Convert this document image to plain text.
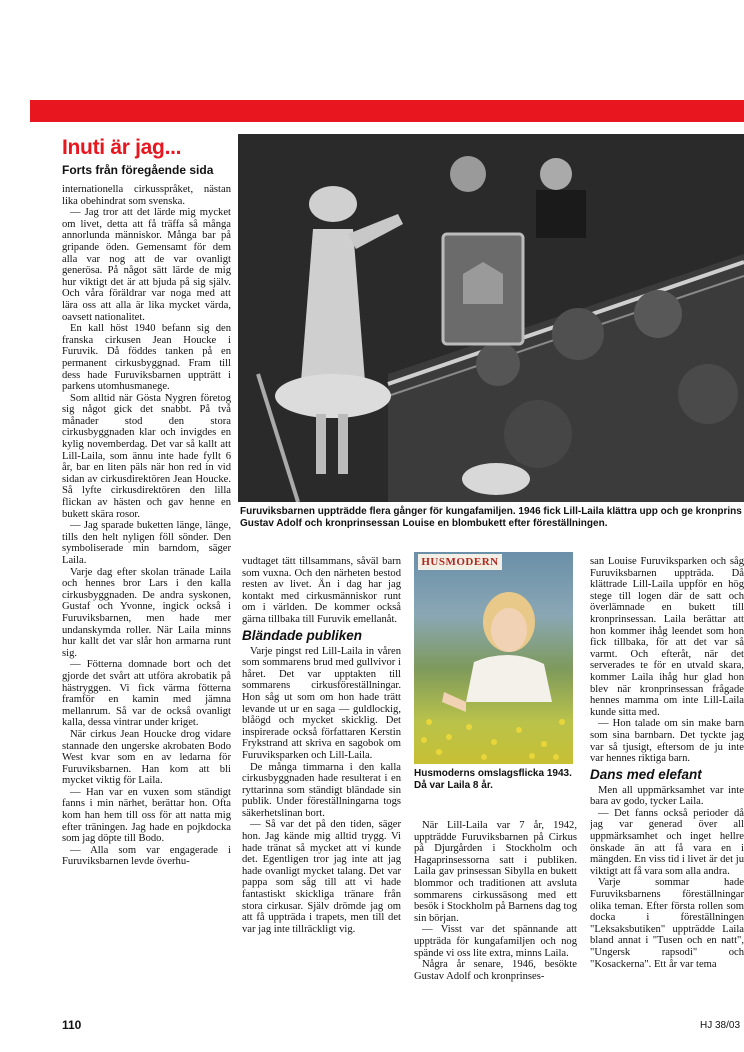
Inuti är jag...
Forts från föregående sida

internationella cirkusspråket, nästan lika obehindrat som svenska.

— Jag tror att det lärde mig mycket om livet, detta att få träffa så många annorlunda människor. Många bar på gripande öden. Gemensamt för dem alla var nog att de var ovanligt generösa. På något sätt lärde de mig hur viktigt det är att bjuda på sig själv. Och våra föräldrar var noga med att lära oss att alla är lika mycket värda, oavsett nationalitet.

En kall höst 1940 befann sig den franska cirkusen Jean Houcke i Furuvik. Då föddes tanken på en permanent cirkusbyggnad. Fram till dess hade Furuviksbarnen uppträtt i parkens utomhusmanege.

Som alltid när Gösta Nygren företog sig något gick det snabbt. På två månader stod den stora cirkusbyggnaden klar och invigdes en kylig novemberdag. Det var så kallt att Lill-Laila, som ännu inte hade fyllt 6 år, bar en liten päls när hon red in vid sidan av cirkusdirektören Jean Houcke. Så lyfte cirkusdirektören den lilla flickan av hästen och gav henne en bukett skära rosor.

— Jag sparade buketten länge, länge, tills den helt nyligen föll sönder. Den symboliserade min barndom, säger Laila.

Varje dag efter skolan tränade Laila och hennes bror Lars i den kalla cirkusbyggnaden. De andra syskonen, Gustaf och Yvonne, ingick också i Furuviksbarnen, men hade mer undanskymda roller. När Laila minns hur kallt det var slår hon armarna runt sig.

— Fötterna domnade bort och det gjorde det svårt att utföra akrobatik på hästryggen. Vi fick värma fötterna framför en kamin med jämna mellanrum. Så var de också ovanligt kalla, dessa vintrar under kriget.

När cirkus Jean Houcke drog vidare stannade den ungerske akrobaten Bodo West kvar som en av ledarna för Furuviksbarnen. Han kom att bli mycket viktig för Laila.

— Han var en vuxen som ständigt fanns i min närhet, berättar hon. Ofta kom han hem till oss för att natta mig efter träningen. Jag hade en pojkdocka som jag döpte till Bodo.

— Alla som var engagerade i Furuviksbarnen levde överhu-

Furuviksbarnen uppträdde flera gånger för kungafamiljen. 1946 fick Lill-Laila klättra upp och ge kronprins Gustav Adolf och kronprinsessan Louise en blombukett efter föreställningen.

vudtaget tätt tillsammans, såväl barn som vuxna. Och den närheten bestod resten av livet. Än i dag har jag kontakt med cirkusmänniskor runt om i världen. De kommer också gärna tillbaka till Furuvik emellanåt.

Bländade publiken

Varje pingst red Lill-Laila in våren som sommarens brud med gullvivor i håret. Det var upptakten till sommarens cirkusföreställningar. Hon såg ut som om hon hade trätt levande ut ur en saga — guldlockig, blåögd och mycket skicklig. Det inspirerade också författaren Kerstin Frykstrand att skriva en sagobok om Furuviksparken och Lill-Laila.

De många timmarna i den kalla cirkusbyggnaden hade resulterat i en ryttarinna som ständigt bländade sin publik. Under föreställningarna togs säkerhetslinan bort.

— Så var det på den tiden, säger hon. Jag kände mig alltid trygg. Vi hade tränat så mycket att vi kunde det. Egentligen tror jag inte att jag hade ovanligt mycket talang. Det var pappa som såg till att vi hade fantastiskt skickliga tränare från stora cirkusar. Själv drömde jag om att få uppträda i trapets, men till det var jag inte tillräckligt vig.

HUSMODERN

Husmoderns omslagsflicka 1943. Då var Laila 8 år.

När Lill-Laila var 7 år, 1942, uppträdde Furuviksbarnen på Cirkus på Djurgården i Stockholm och Hagaprinsessorna satt i publiken. Laila gav prinsessan Sibylla en bukett blommor och traditionen att avsluta sommarens cirkussäsong med ett besök i Stockholm på Barnens dag tog sin början.

— Visst var det spännande att uppträda för kungafamiljen och nog spände vi oss lite extra, minns Laila.

Några år senare, 1946, besökte Gustav Adolf och kronprinses-

san Louise Furuviksparken och såg Furuviksbarnen uppträda. Då klättrade Lill-Laila uppför en hög stege till logen där de satt och överlämnade en bukett till kronprinsessan. Laila berättar att hon kommer ihåg leendet som hon fick tillbaka, för att det var så varmt. Och efteråt, när det serverades te för en utvald skara, kommer Laila ihåg hur glad hon blev när kronprinsessan frågade hennes mamma om inte Lill-Laila kunde sitta med.

— Hon talade om sin make barn som sina barnbarn. Det tyckte jag var så tjusigt, eftersom de ju inte var hennes riktiga barn.

Dans med elefant

Men all uppmärksamhet var inte bara av godo, tycker Laila.

— Det fanns också perioder då jag var generad över all uppmärksamhet och inget hellre önskade än att få vara en i mängden. En viss tid i livet är det ju viktigt att få vara som alla andra.

Varje sommar hade Furuviksbarnens föreställningar olika teman. Efter första rollen som docka i föreställningen "Leksaksbutiken" uppträdde Laila bland annat i "Tusen och en natt", "Ungersk rapsodi" och "Kosackerna". Ett år var tema

110	HJ 38/03
